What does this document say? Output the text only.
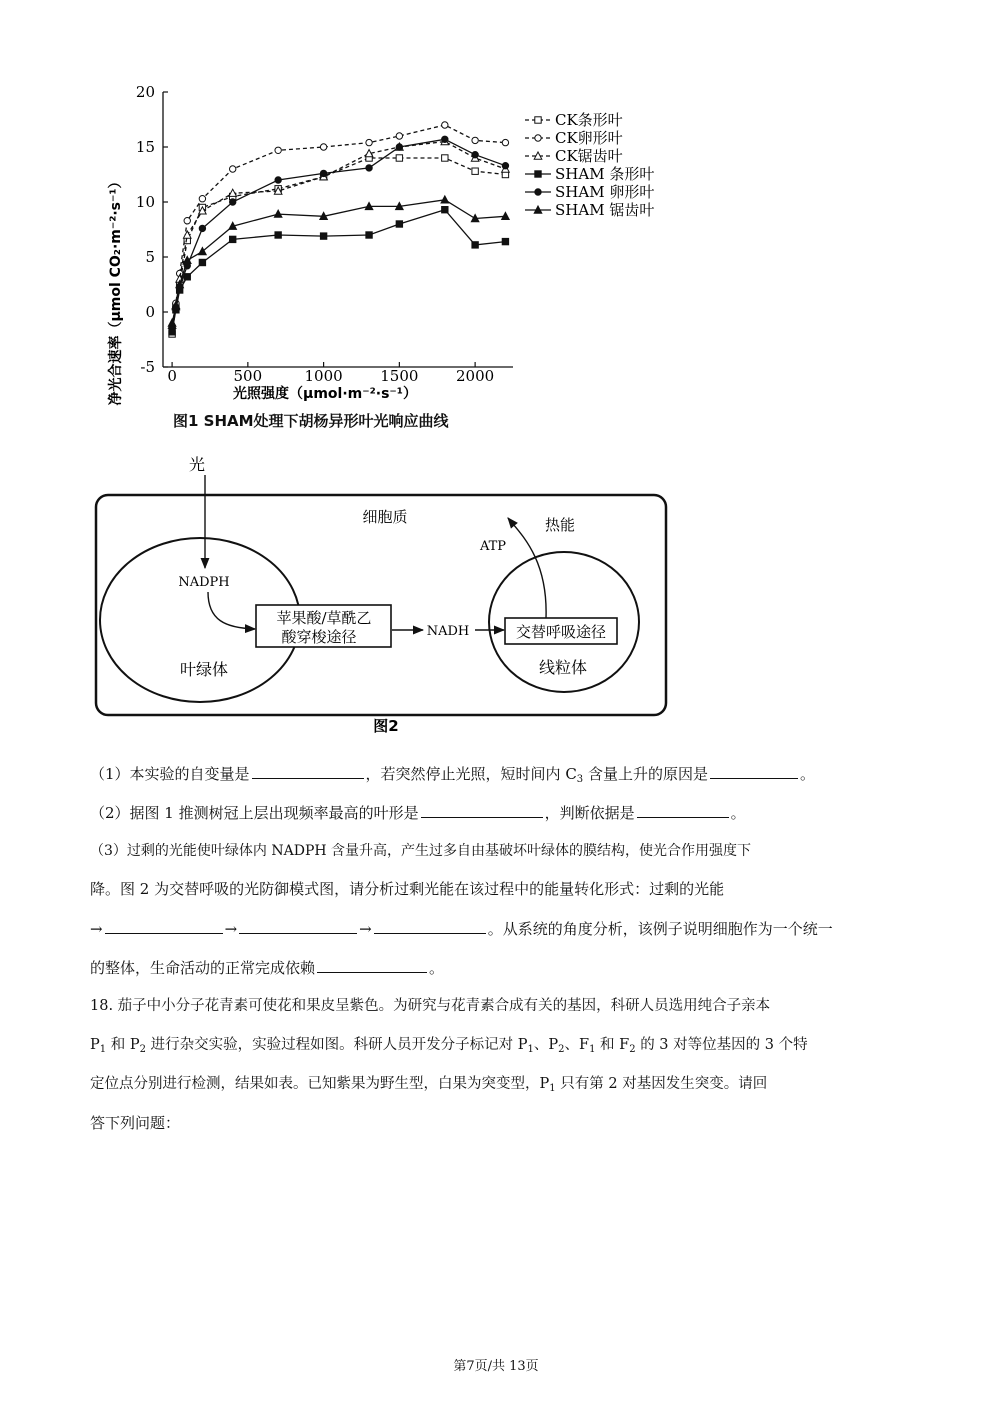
-5
0
5
10
15
20
0	500	1000	1500	2000
CK条形叶
CK卵形叶
CK锯齿叶
SHAM 条形叶
SHAM 卵形叶
SHAM 锯齿叶
净光合速率（μmol CO₂·m⁻²·s⁻¹）	光照强度（μmol·m⁻²·s⁻¹）
图1 SHAM处理下胡杨异形叶光响应曲线
光
NADPH
苹果酸/草酰乙
酸穿梭途径	NADH	交替呼吸途径
ATP
热能
细胞质
叶绿体	线粒体
图2
（1）本实验的自变量是	，若突然停止光照，短时间内 $C_3$ 含量上升的原因是	。
（2）据图 1 推测树冠上层出现频率最高的叶形是	，判断依据是	。
（3）过剩的光能使叶绿体内 NADPH 含量升高，产生过多自由基破坏叶绿体的膜结构，使光合作用强度下
降。图 2 为交替呼吸的光防御模式图，请分析过剩光能在该过程中的能量转化形式：过剩的光能
→	→	→	。从系统的角度分析，该例子说明细胞作为一个统一
的整体，生命活动的正常完成依赖	。
18. 茄子中小分子花青素可使花和果皮呈紫色。为研究与花青素合成有关的基因，科研人员选用纯合子亲本
$P_1$ 和 $P_2$ 进行杂交实验，实验过程如图。科研人员开发分子标记对 $P_1$、$P_2$、$F_1$ 和 $F_2$ 的 3 对等位基因的 3 个特
定位点分别进行检测，结果如表。已知紫果为野生型，白果为突变型，$P_1$ 只有第 2 对基因发生突变。请回
答下列问题：
第7页/共 13页
